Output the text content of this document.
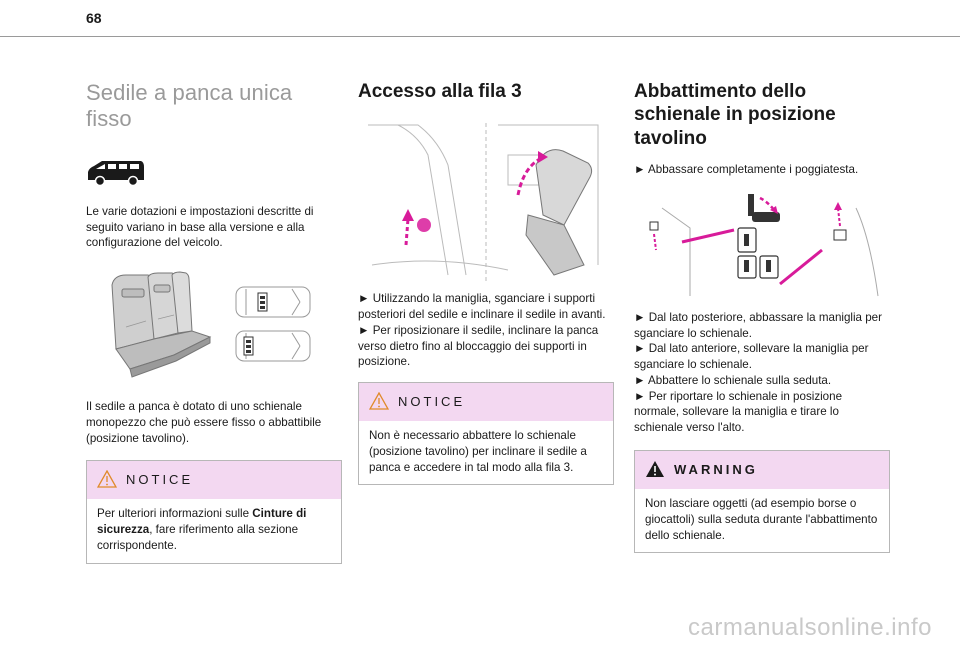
68
Sedile a panca unica fisso

Le varie dotazioni e impostazioni descritte di seguito variano in base alla versione e alla configurazione del veicolo.

Il sedile a panca è dotato di uno schienale monopezzo che può essere fisso o abbattibile (posizione tavolino).

NOTICE
Per ulteriori informazioni sulle Cinture di sicurezza, fare riferimento alla sezione corrispondente.
Accesso alla fila 3

► Utilizzando la maniglia, sganciare i supporti posteriori del sedile e inclinare il sedile in avanti.

► Per riposizionare il sedile, inclinare la panca verso dietro fino al bloccaggio dei supporti in posizione.

NOTICE
Non è necessario abbattere lo schienale (posizione tavolino) per inclinare il sedile a panca e accedere in tal modo alla fila 3.
Abbattimento dello
schienale in posizione
tavolino

► Abbassare completamente i poggiatesta.

► Dal lato posteriore, abbassare la maniglia per sganciare lo schienale.

► Dal lato anteriore, sollevare la maniglia per sganciare lo schienale.

► Abbattere lo schienale sulla seduta.

► Per riportare lo schienale in posizione normale, sollevare la maniglia e tirare lo schienale verso l'alto.

WARNING
Non lasciare oggetti (ad esempio borse o giocattoli) sulla seduta durante l'abbattimento dello schienale.
carmanualsonline.info
